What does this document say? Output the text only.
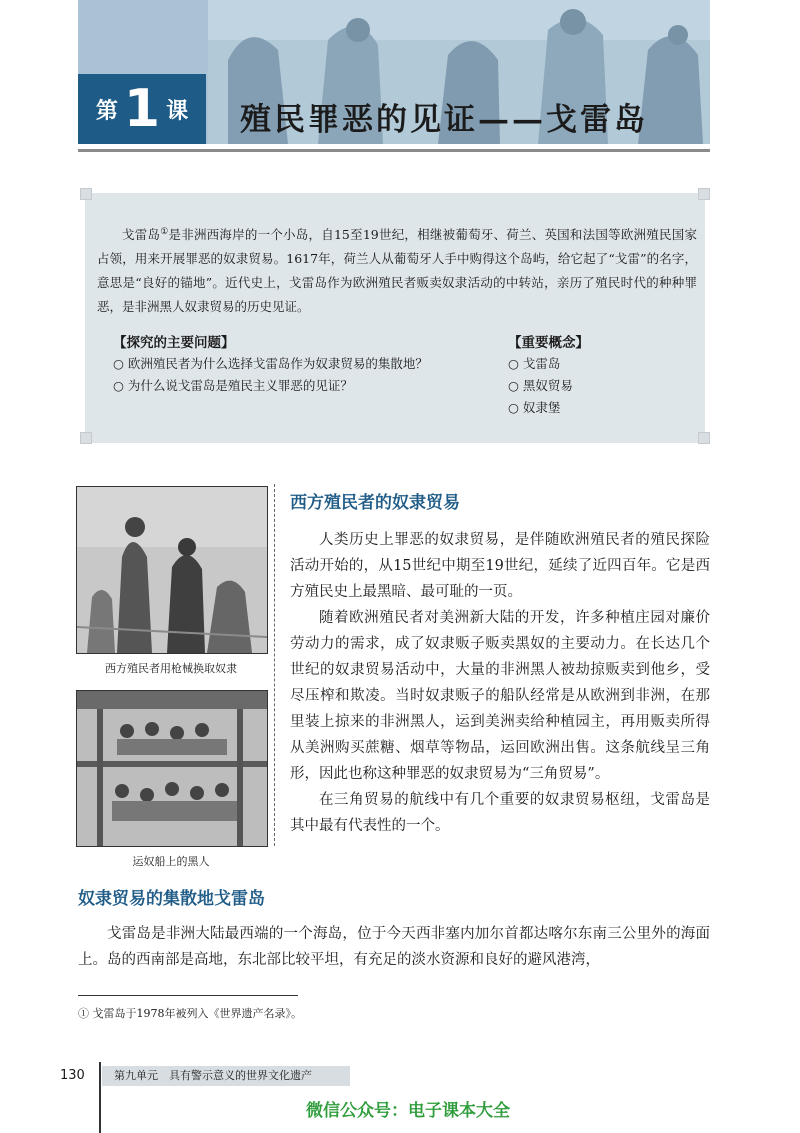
第 1 课 殖民罪恶的见证——戈雷岛

戈雷岛①是非洲西海岸的一个小岛，自15至19世纪，相继被葡萄牙、荷兰、英国和法国等欧洲殖民国家占领，用来开展罪恶的奴隶贸易。1617年，荷兰人从葡萄牙人手中购得这个岛屿，给它起了“戈雷”的名字，意思是“良好的锚地”。近代史上，戈雷岛作为欧洲殖民者贩卖奴隶活动的中转站，亲历了殖民时代的种种罪恶，是非洲黑人奴隶贸易的历史见证。

【探究的主要问题】
○ 欧洲殖民者为什么选择戈雷岛作为奴隶贸易的集散地？
○ 为什么说戈雷岛是殖民主义罪恶的见证？
【重要概念】
○ 戈雷岛
○ 黑奴贸易
○ 奴隶堡
西方殖民者用枪械换取奴隶
运奴船上的黑人
西方殖民者的奴隶贸易

人类历史上罪恶的奴隶贸易，是伴随欧洲殖民者的殖民探险活动开始的，从15世纪中期至19世纪，延续了近四百年。它是西方殖民史上最黑暗、最可耻的一页。

随着欧洲殖民者对美洲新大陆的开发，许多种植庄园对廉价劳动力的需求，成了奴隶贩子贩卖黑奴的主要动力。在长达几个世纪的奴隶贸易活动中，大量的非洲黑人被劫掠贩卖到他乡，受尽压榨和欺凌。当时奴隶贩子的船队经常是从欧洲到非洲，在那里装上掠来的非洲黑人，运到美洲卖给种植园主，再用贩卖所得从美洲购买蔗糖、烟草等物品，运回欧洲出售。这条航线呈三角形，因此也称这种罪恶的奴隶贸易为“三角贸易”。

在三角贸易的航线中有几个重要的奴隶贸易枢纽，戈雷岛是其中最有代表性的一个。

奴隶贸易的集散地戈雷岛

戈雷岛是非洲大陆最西端的一个海岛，位于今天西非塞内加尔首都达喀尔东南三公里外的海面上。岛的西南部是高地，东北部比较平坦，有充足的淡水资源和良好的避风港湾，

① 戈雷岛于1978年被列入《世界遗产名录》。
130	第九单元　具有警示意义的世界文化遗产
微信公众号：电子课本大全
